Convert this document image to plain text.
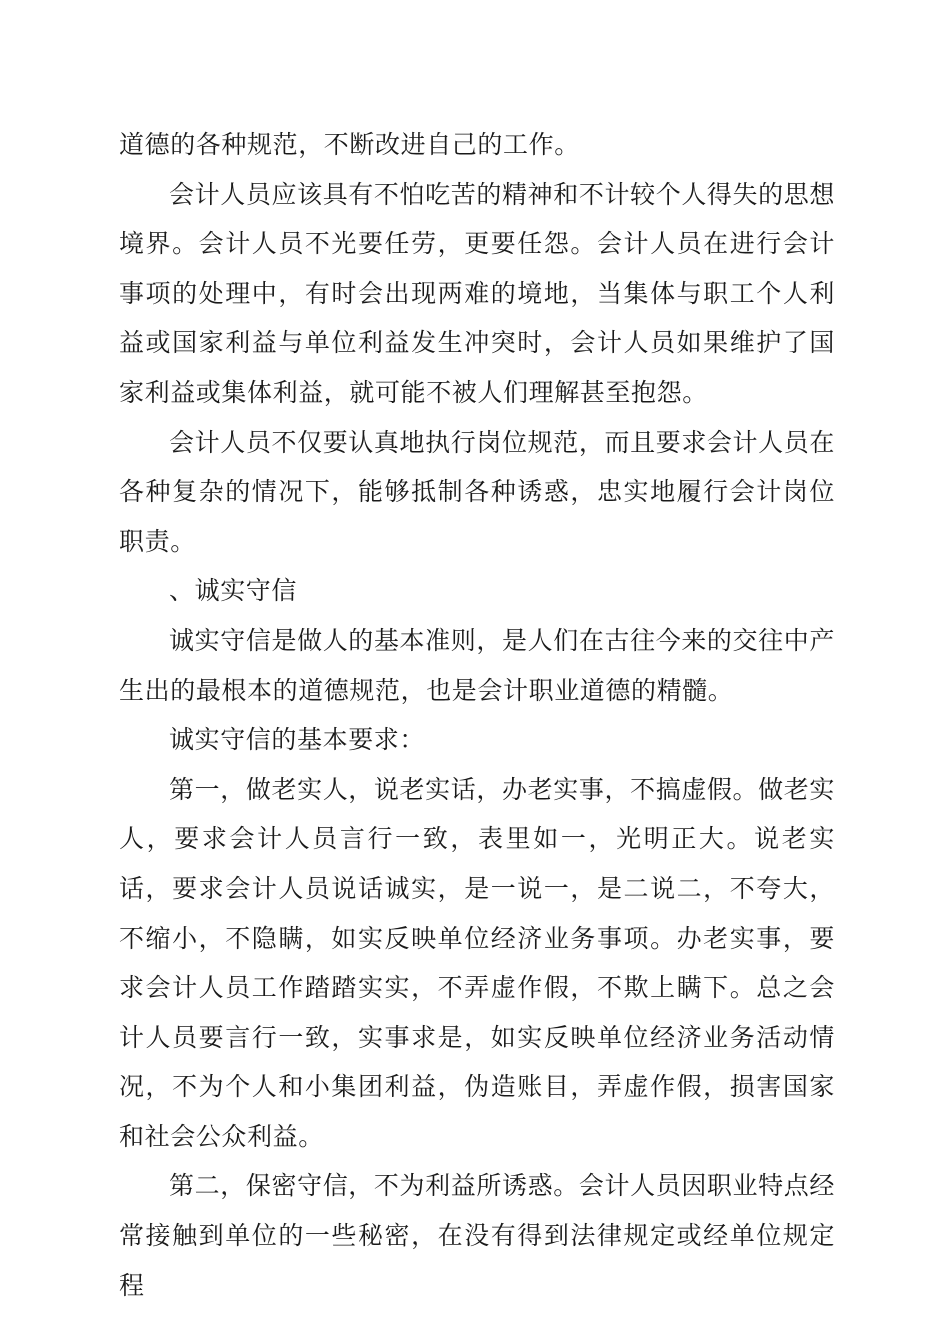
道德的各种规范，不断改进自己的工作。

会计人员应该具有不怕吃苦的精神和不计较个人得失的思想境界。会计人员不光要任劳，更要任怨。会计人员在进行会计事项的处理中，有时会出现两难的境地，当集体与职工个人利益或国家利益与单位利益发生冲突时，会计人员如果维护了国家利益或集体利益，就可能不被人们理解甚至抱怨。

会计人员不仅要认真地执行岗位规范，而且要求会计人员在各种复杂的情况下，能够抵制各种诱惑，忠实地履行会计岗位职责。

、诚实守信

诚实守信是做人的基本准则，是人们在古往今来的交往中产生出的最根本的道德规范，也是会计职业道德的精髓。

诚实守信的基本要求：

第一，做老实人，说老实话，办老实事，不搞虚假。做老实人，要求会计人员言行一致，表里如一，光明正大。说老实话，要求会计人员说话诚实，是一说一，是二说二，不夸大，不缩小，不隐瞒，如实反映单位经济业务事项。办老实事，要求会计人员工作踏踏实实，不弄虚作假，不欺上瞒下。总之会计人员要言行一致，实事求是，如实反映单位经济业务活动情况，不为个人和小集团利益，伪造账目，弄虚作假，损害国家和社会公众利益。

第二，保密守信，不为利益所诱惑。会计人员因职业特点经常接触到单位的一些秘密，在没有得到法律规定或经单位规定程
